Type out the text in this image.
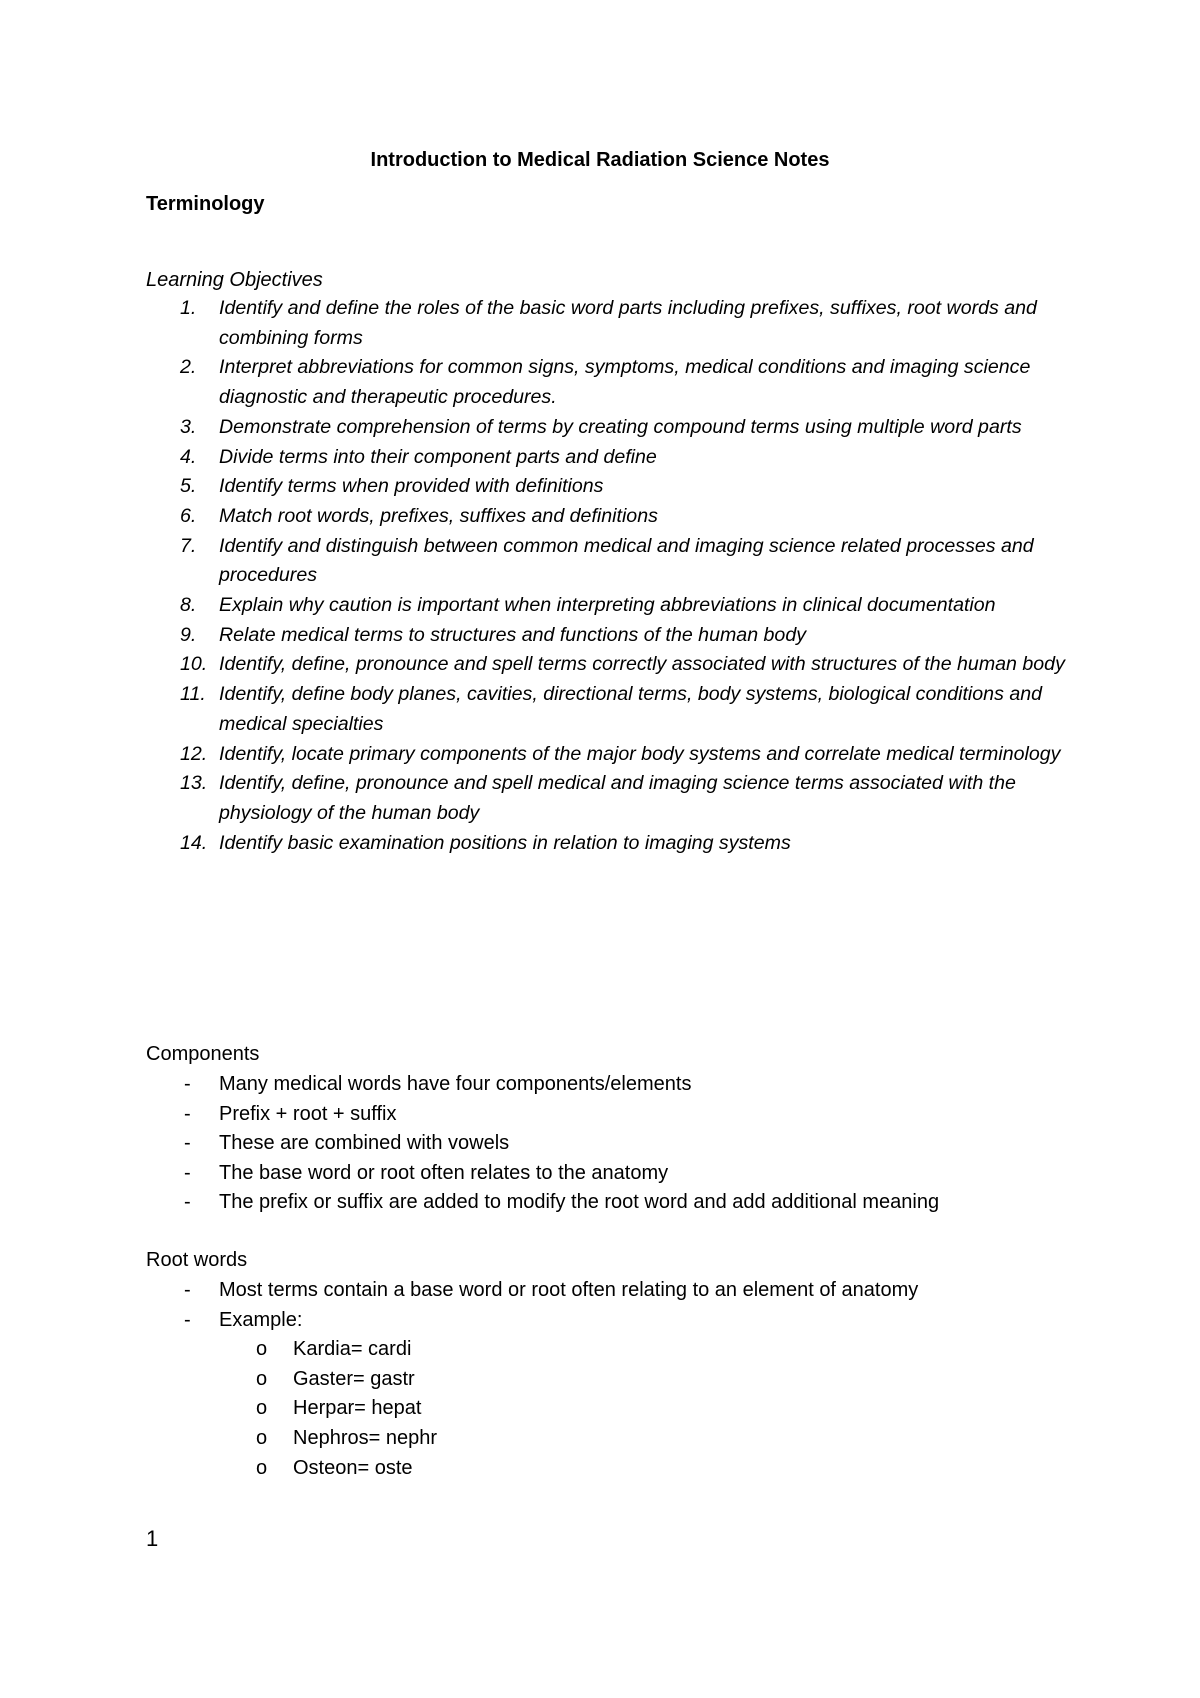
Introduction to Medical Radiation Science Notes
Terminology
Learning Objectives
1. Identify and define the roles of the basic word parts including prefixes, suffixes, root words and combining forms
2. Interpret abbreviations for common signs, symptoms, medical conditions and imaging science diagnostic and therapeutic procedures.
3. Demonstrate comprehension of terms by creating compound terms using multiple word parts
4. Divide terms into their component parts and define
5. Identify terms when provided with definitions
6. Match root words, prefixes, suffixes and definitions
7. Identify and distinguish between common medical and imaging science related processes and procedures
8. Explain why caution is important when interpreting abbreviations in clinical documentation
9. Relate medical terms to structures and functions of the human body
10. Identify, define, pronounce and spell terms correctly associated with structures of the human body
11. Identify, define body planes, cavities, directional terms, body systems, biological conditions and medical specialties
12. Identify, locate primary components of the major body systems and correlate medical terminology
13. Identify, define, pronounce and spell medical and imaging science terms associated with the physiology of the human body
14. Identify basic examination positions in relation to imaging systems
Components
- Many medical words have four components/elements
- Prefix + root + suffix
- These are combined with vowels
- The base word or root often relates to the anatomy
- The prefix or suffix are added to modify the root word and add additional meaning
Root words
- Most terms contain a base word or root often relating to an element of anatomy
- Example:
o Kardia= cardi
o Gaster= gastr
o Herpar= hepat
o Nephros= nephr
o Osteon= oste
1
